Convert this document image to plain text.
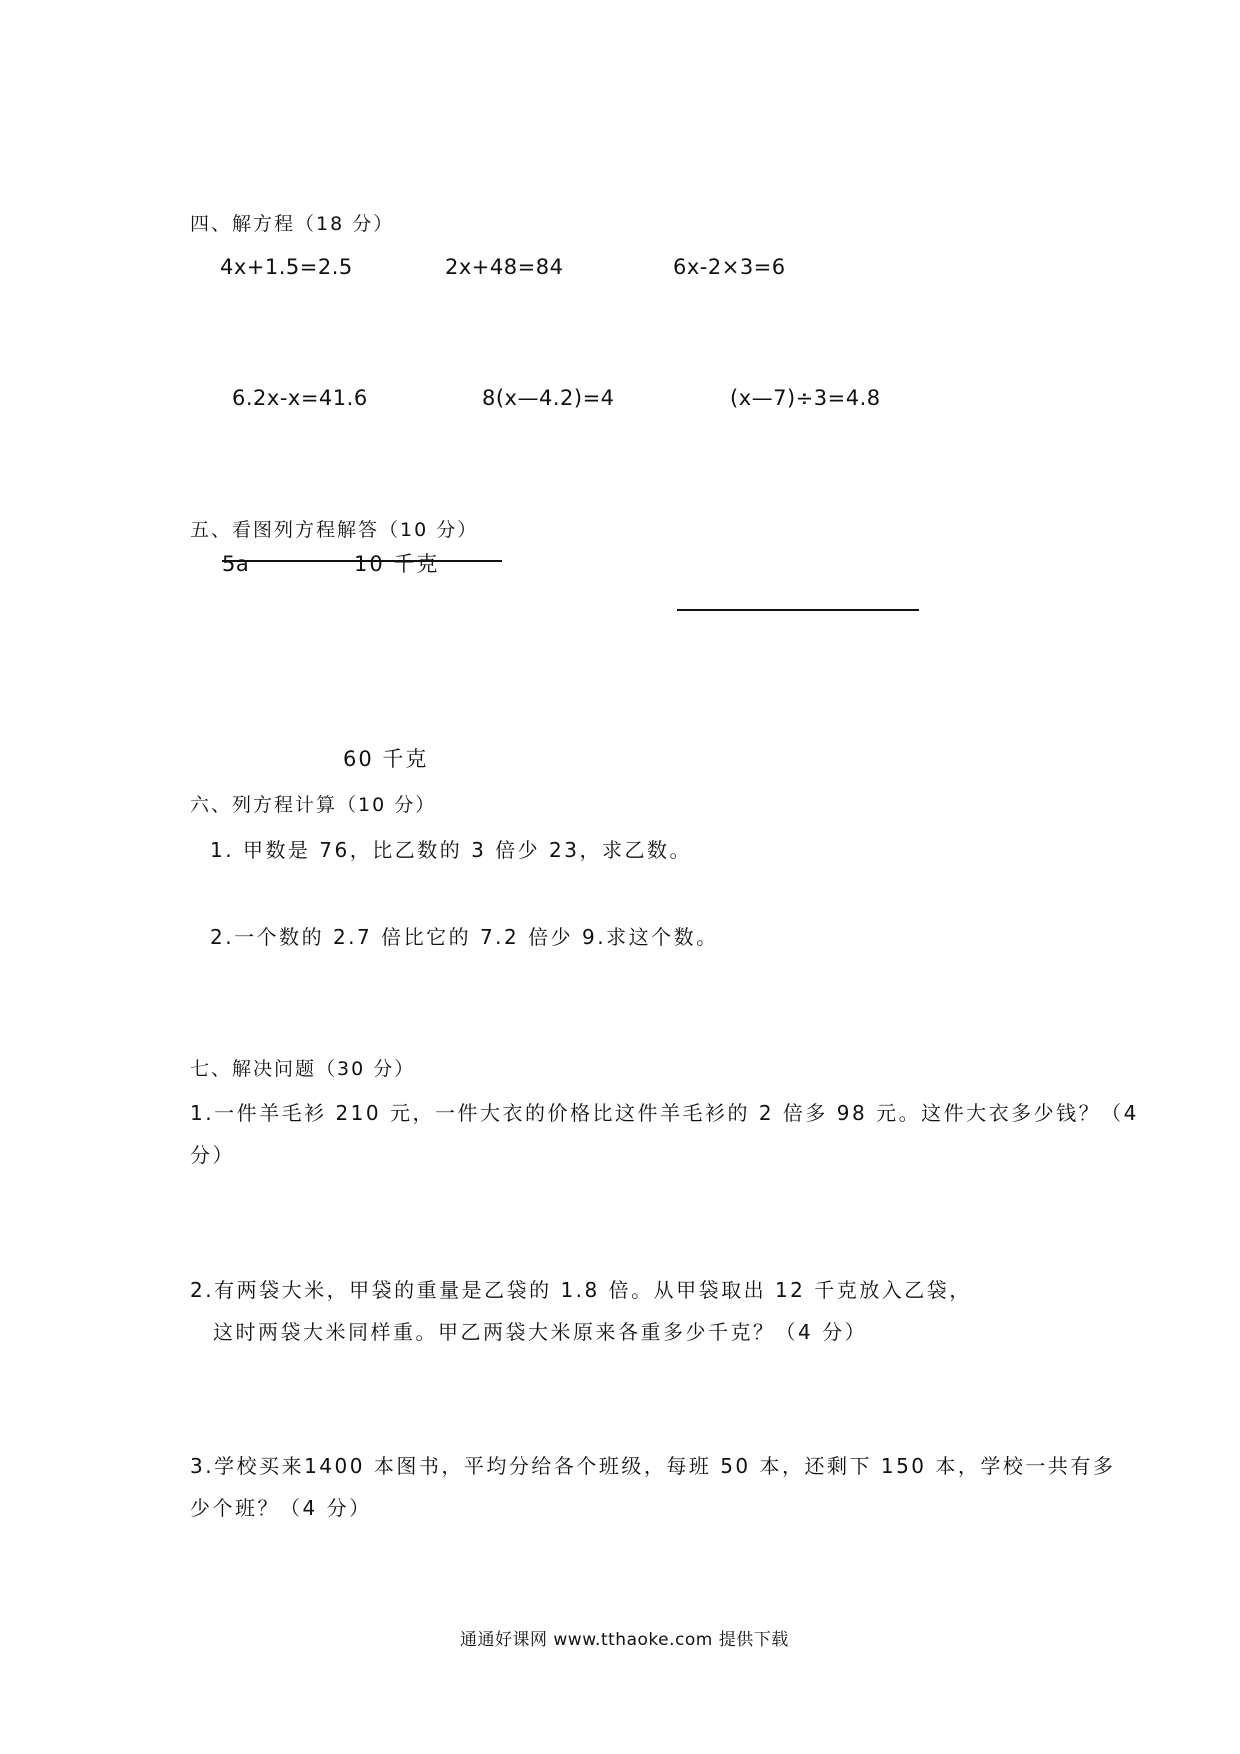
四、解方程（18 分）
4x+1.5=2.5	2x+48=84	6x-2×3=6
6.2x-x=41.6	8(x—4.2)=4	(x—7)÷3=4.8
五、看图列方程解答（10 分）
5a	10 千克
60 千克
六、列方程计算（10 分）
1. 甲数是 76，比乙数的 3 倍少 23，求乙数。
2.一个数的 2.7 倍比它的 7.2 倍少 9.求这个数。
七、解决问题（30 分）
1.一件羊毛衫 210 元，一件大衣的价格比这件羊毛衫的 2 倍多 98 元。这件大衣多少钱？（4
分）
2.有两袋大米，甲袋的重量是乙袋的 1.8 倍。从甲袋取出 12 千克放入乙袋，
这时两袋大米同样重。甲乙两袋大米原来各重多少千克？（4 分）
3.学校买来1400 本图书，平均分给各个班级，每班 50 本，还剩下 150 本，学校一共有多
少个班？（4 分）
通通好课网 www.tthaoke.com 提供下载
